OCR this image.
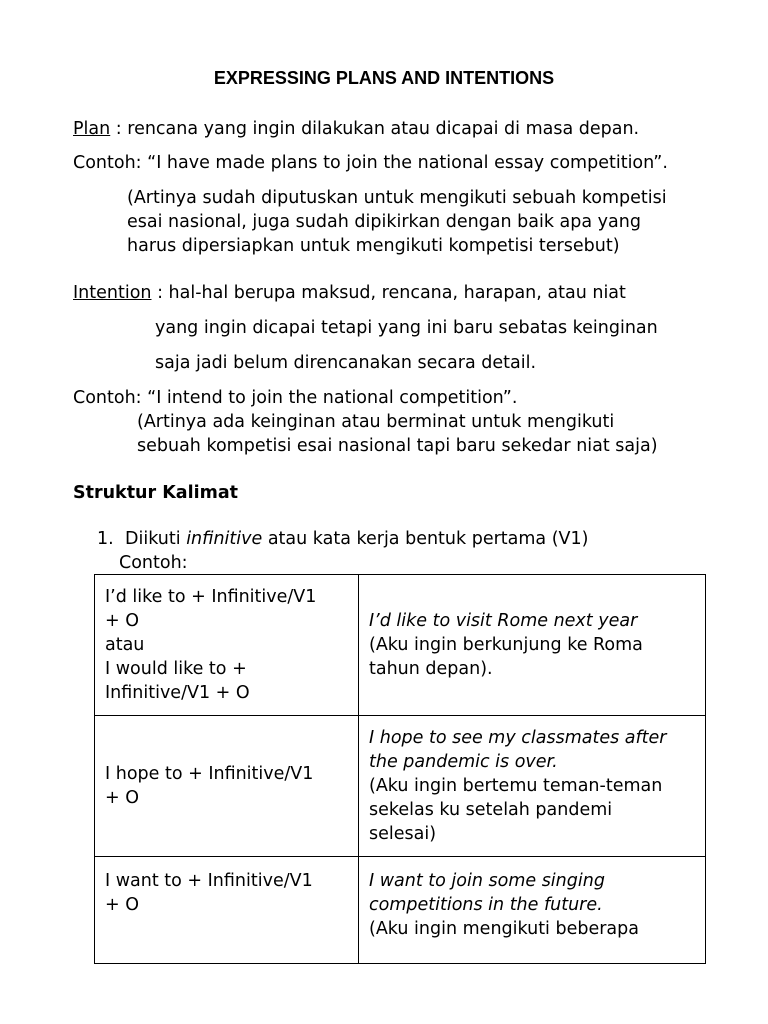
EXPRESSING PLANS AND INTENTIONS
Plan : rencana yang ingin dilakukan atau dicapai di masa depan.
Contoh: “I have made plans to join the national essay competition”.
(Artinya sudah diputuskan untuk mengikuti sebuah kompetisi
esai nasional, juga sudah dipikirkan dengan baik apa yang
harus dipersiapkan untuk mengikuti kompetisi tersebut)
Intention : hal-hal berupa maksud, rencana, harapan, atau niat
yang ingin dicapai tetapi yang ini baru sebatas keinginan
saja jadi belum direncanakan secara detail.
Contoh: “I intend to join the national competition”.
(Artinya ada keinginan atau berminat untuk mengikuti
sebuah kompetisi esai nasional tapi baru sekedar niat saja)
Struktur Kalimat
1. Diikuti infinitive atau kata kerja bentuk pertama (V1)
Contoh:
I’d like to + Infinitive/V1
+ O
atau
I would like to +
Infinitive/V1 + O	I’d like to visit Rome next year
(Aku ingin berkunjung ke Roma
tahun depan).

I hope to + Infinitive/V1
+ O	I hope to see my classmates after
the pandemic is over.
(Aku ingin bertemu teman-teman
sekelas ku setelah pandemi
selesai)

I want to + Infinitive/V1
+ O	I want to join some singing
competitions in the future.
(Aku ingin mengikuti beberapa
